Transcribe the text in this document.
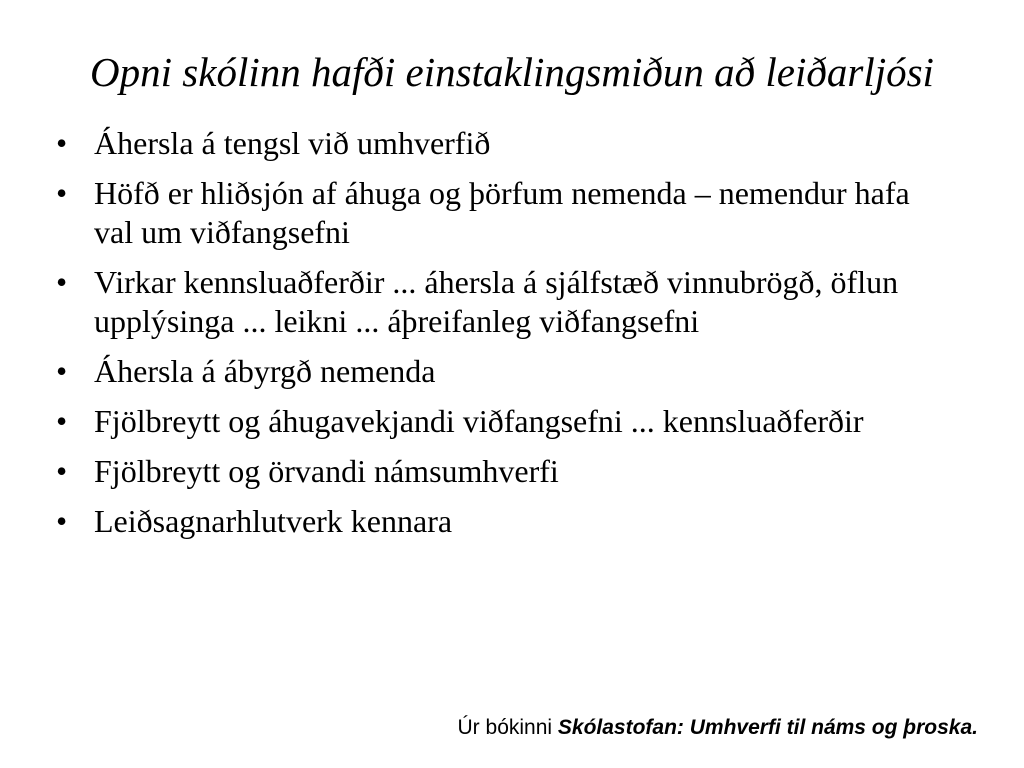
Opni skólinn hafði einstaklingsmiðun að leiðarljósi
• Áhersla á tengsl við umhverfið
• Höfð er hliðsjón af áhuga og þörfum nemenda – nemendur hafa val um viðfangsefni
• Virkar kennsluaðferðir ... áhersla á sjálfstæð vinnubrögð, öflun upplýsinga ... leikni ... áþreifanleg viðfangsefni
• Áhersla á ábyrgð nemenda
• Fjölbreytt og áhugavekjandi viðfangsefni ... kennsluaðferðir
• Fjölbreytt og örvandi námsumhverfi
• Leiðsagnarhlutverk kennara
Úr bókinni Skólastofan: Umhverfi til náms og þroska.
